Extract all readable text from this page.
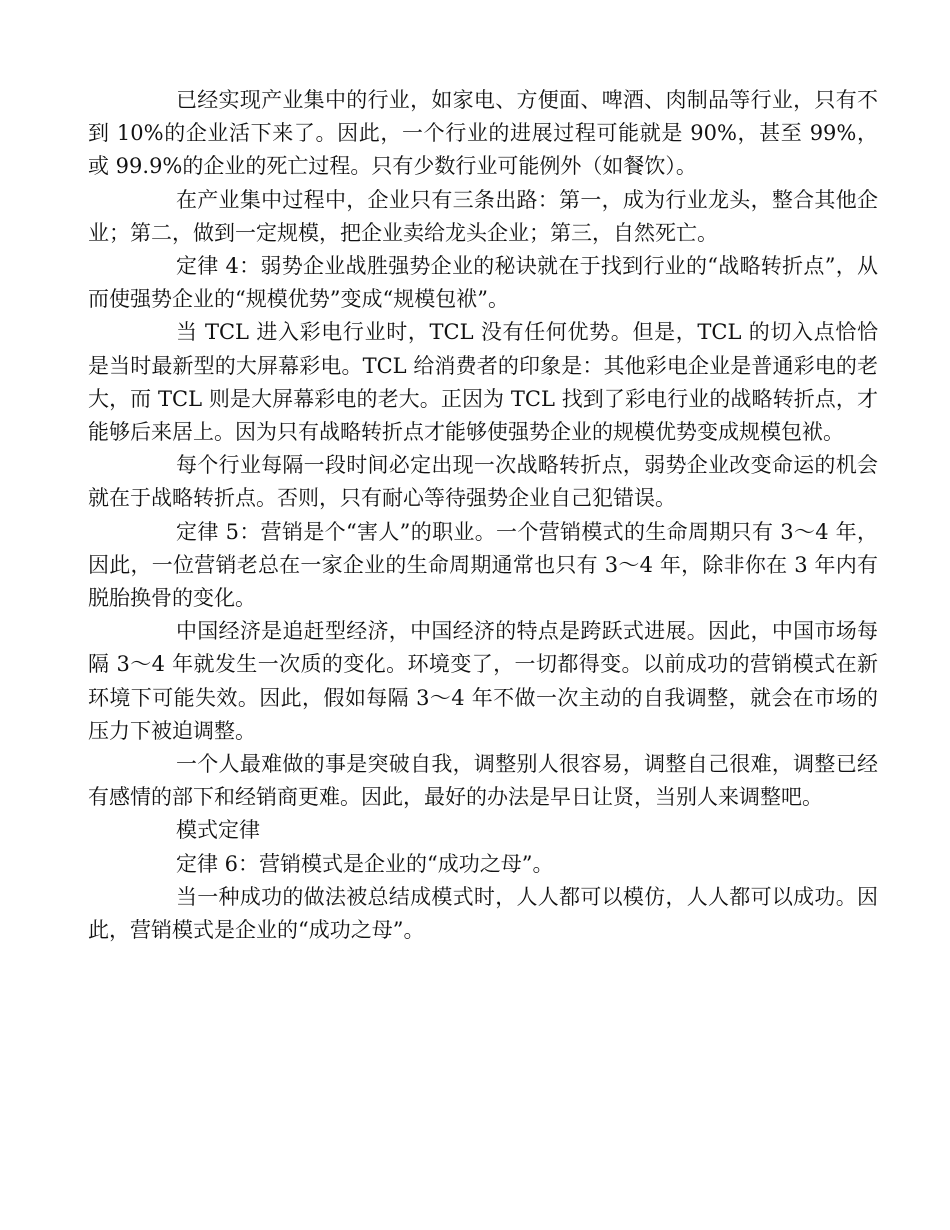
已经实现产业集中的行业，如家电、方便面、啤酒、肉制品等行业，只有不到 10%的企业活下来了。因此，一个行业的进展过程可能就是 90%，甚至 99%，或 99.9%的企业的死亡过程。只有少数行业可能例外（如餐饮）。

在产业集中过程中，企业只有三条出路：第一，成为行业龙头，整合其他企业；第二，做到一定规模，把企业卖给龙头企业；第三，自然死亡。

定律 4：弱势企业战胜强势企业的秘诀就在于找到行业的“战略转折点”，从而使强势企业的“规模优势”变成“规模包袱”。

当 TCL 进入彩电行业时，TCL 没有任何优势。但是，TCL 的切入点恰恰是当时最新型的大屏幕彩电。TCL 给消费者的印象是：其他彩电企业是普通彩电的老大，而 TCL 则是大屏幕彩电的老大。正因为 TCL 找到了彩电行业的战略转折点，才能够后来居上。因为只有战略转折点才能够使强势企业的规模优势变成规模包袱。

每个行业每隔一段时间必定出现一次战略转折点，弱势企业改变命运的机会就在于战略转折点。否则，只有耐心等待强势企业自己犯错误。

定律 5：营销是个“害人”的职业。一个营销模式的生命周期只有 3～4 年，因此，一位营销老总在一家企业的生命周期通常也只有 3～4 年，除非你在 3 年内有脱胎换骨的变化。

中国经济是追赶型经济，中国经济的特点是跨跃式进展。因此，中国市场每隔 3～4 年就发生一次质的变化。环境变了，一切都得变。以前成功的营销模式在新环境下可能失效。因此，假如每隔 3～4 年不做一次主动的自我调整，就会在市场的压力下被迫调整。

一个人最难做的事是突破自我，调整别人很容易，调整自己很难，调整已经有感情的部下和经销商更难。因此，最好的办法是早日让贤，当别人来调整吧。

模式定律

定律 6：营销模式是企业的“成功之母”。

当一种成功的做法被总结成模式时，人人都可以模仿，人人都可以成功。因此，营销模式是企业的“成功之母”。
